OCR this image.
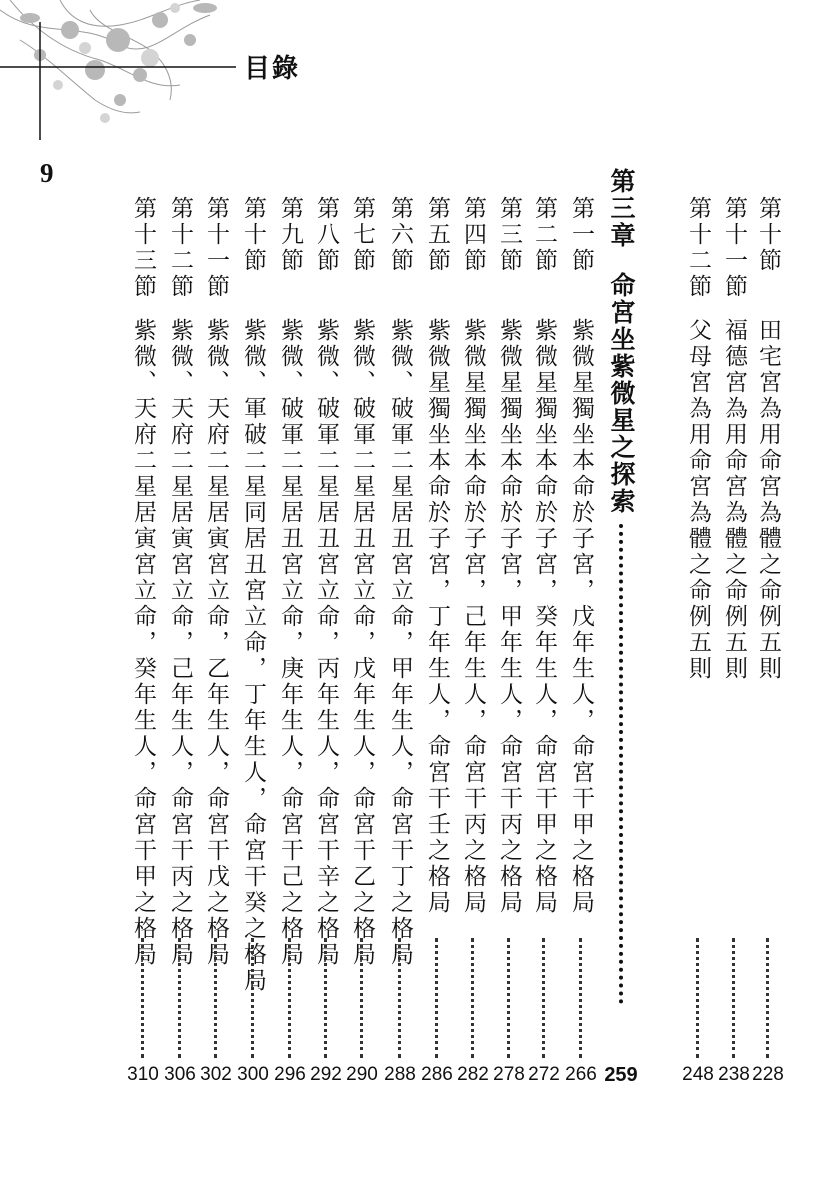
目錄
9
第十節
田宅宮為用命宮為體之命例五則
228
第十一節
福德宮為用命宮為體之命例五則
238
第十二節
父母宮為用命宮為體之命例五則
248
第三章
命宮坐紫微星之探索
259
第一節
紫微星獨坐本命於子宮，戊年生人，命宮干甲之格局
266
第二節
紫微星獨坐本命於子宮，癸年生人，命宮干甲之格局
272
第三節
紫微星獨坐本命於子宮，甲年生人，命宮干丙之格局
278
第四節
紫微星獨坐本命於子宮，己年生人，命宮干丙之格局
282
第五節
紫微星獨坐本命於子宮，丁年生人，命宮干壬之格局
286
第六節
紫微、破軍二星居丑宮立命，甲年生人，命宮干丁之格局
288
第七節
紫微、破軍二星居丑宮立命，戊年生人，命宮干乙之格局
290
第八節
紫微、破軍二星居丑宮立命，丙年生人，命宮干辛之格局
292
第九節
紫微、破軍二星居丑宮立命，庚年生人，命宮干己之格局
296
第十節
紫微、軍破二星同居丑宮立命，丁年生人，命宮干癸之格局
300
第十一節
紫微、天府二星居寅宮立命，乙年生人，命宮干戊之格局
302
第十二節
紫微、天府二星居寅宮立命，己年生人，命宮干丙之格局
306
第十三節
紫微、天府二星居寅宮立命，癸年生人，命宮干甲之格局
310
